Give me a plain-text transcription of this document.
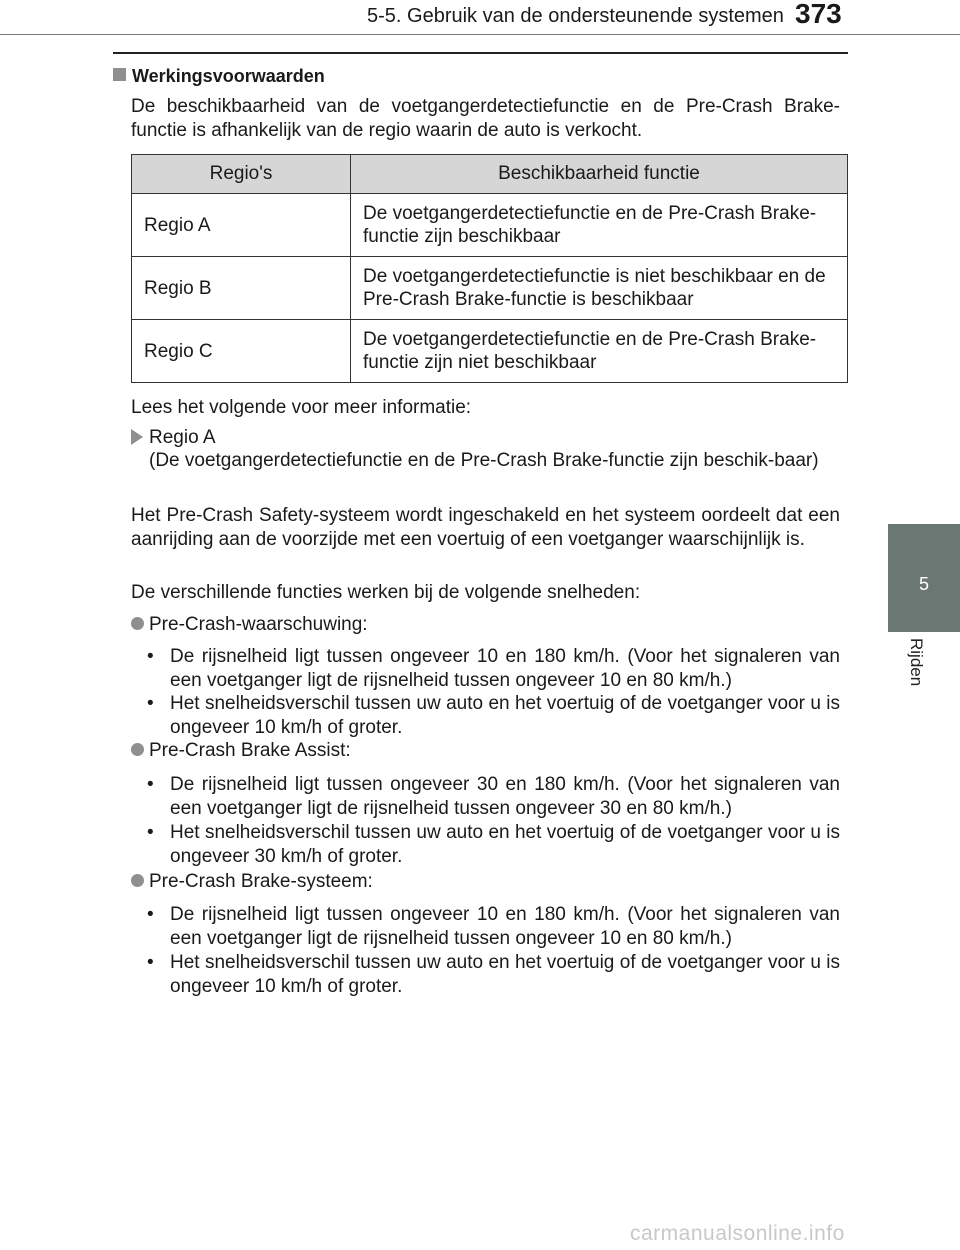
5-5. Gebruik van de ondersteunende systemen 373
5
Rijden
Werkingsvoorwaarden
De beschikbaarheid van de voetgangerdetectiefunctie en de Pre-Crash Brake-functie is afhankelijk van de regio waarin de auto is verkocht.
Regio's	Beschikbaarheid functie
Regio A	De voetgangerdetectiefunctie en de Pre-Crash Brake-functie zijn beschikbaar
Regio B	De voetgangerdetectiefunctie is niet beschikbaar en de Pre-Crash Brake-functie is beschikbaar
Regio C	De voetgangerdetectiefunctie en de Pre-Crash Brake-functie zijn niet beschikbaar
Lees het volgende voor meer informatie:
Regio A
(De voetgangerdetectiefunctie en de Pre-Crash Brake-functie zijn beschik-baar)
Het Pre-Crash Safety-systeem wordt ingeschakeld en het systeem oordeelt dat een aanrijding aan de voorzijde met een voertuig of een voetganger waarschijnlijk is.
De verschillende functies werken bij de volgende snelheden:
Pre-Crash-waarschuwing:
• De rijsnelheid ligt tussen ongeveer 10 en 180 km/h. (Voor het signaleren van een voetganger ligt de rijsnelheid tussen ongeveer 10 en 80 km/h.)
• Het snelheidsverschil tussen uw auto en het voertuig of de voetganger voor u is ongeveer 10 km/h of groter.
Pre-Crash Brake Assist:
• De rijsnelheid ligt tussen ongeveer 30 en 180 km/h. (Voor het signaleren van een voetganger ligt de rijsnelheid tussen ongeveer 30 en 80 km/h.)
• Het snelheidsverschil tussen uw auto en het voertuig of de voetganger voor u is ongeveer 30 km/h of groter.
Pre-Crash Brake-systeem:
• De rijsnelheid ligt tussen ongeveer 10 en 180 km/h. (Voor het signaleren van een voetganger ligt de rijsnelheid tussen ongeveer 10 en 80 km/h.)
• Het snelheidsverschil tussen uw auto en het voertuig of de voetganger voor u is ongeveer 10 km/h of groter.
carmanualsonline.info
